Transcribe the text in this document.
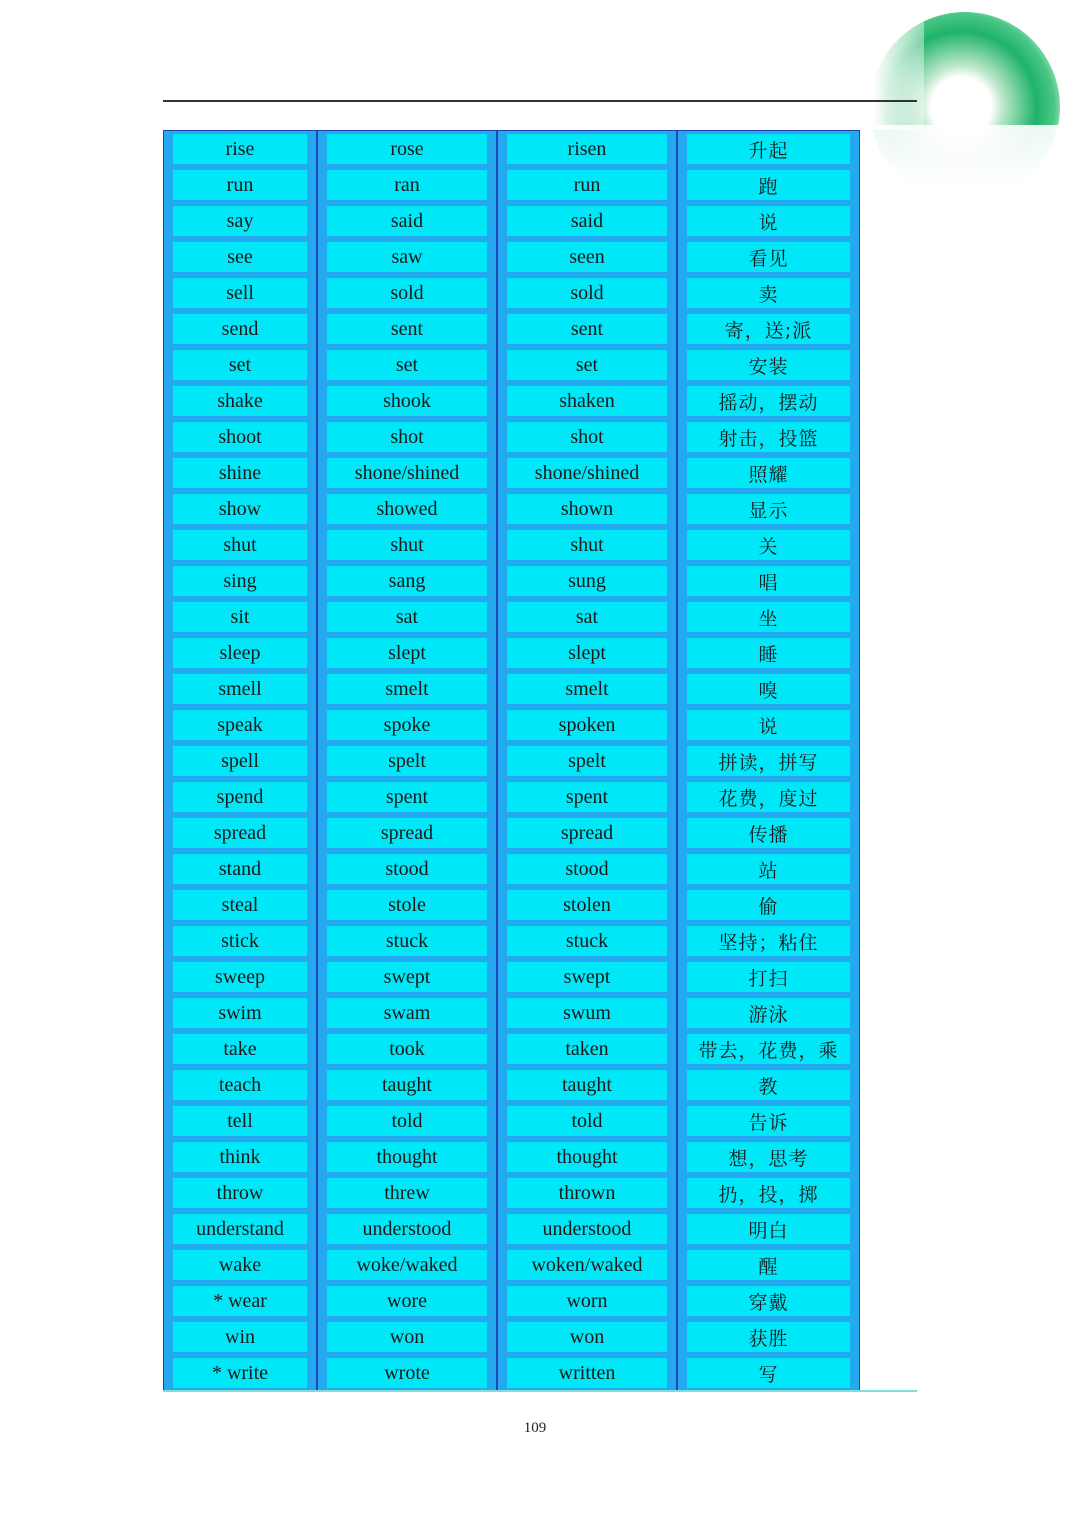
rise	rose	risen	升起
run	ran	run	跑
say	said	said	说
see	saw	seen	看见
sell	sold	sold	卖
send	sent	sent	寄，送;派
set	set	set	安装
shake	shook	shaken	摇动，摆动
shoot	shot	shot	射击，投篮
shine	shone/shined	shone/shined	照耀
show	showed	shown	显示
shut	shut	shut	关
sing	sang	sung	唱
sit	sat	sat	坐
sleep	slept	slept	睡
smell	smelt	smelt	嗅
speak	spoke	spoken	说
spell	spelt	spelt	拼读，拼写
spend	spent	spent	花费，度过
spread	spread	spread	传播
stand	stood	stood	站
steal	stole	stolen	偷
stick	stuck	stuck	坚持；粘住
sweep	swept	swept	打扫
swim	swam	swum	游泳
take	took	taken	带去，花费，乘
teach	taught	taught	教
tell	told	told	告诉
think	thought	thought	想，思考
throw	threw	thrown	扔，投，掷
understand	understood	understood	明白
wake	woke/waked	woken/waked	醒
* wear	wore	worn	穿戴
win	won	won	获胜
* write	wrote	written	写
109
